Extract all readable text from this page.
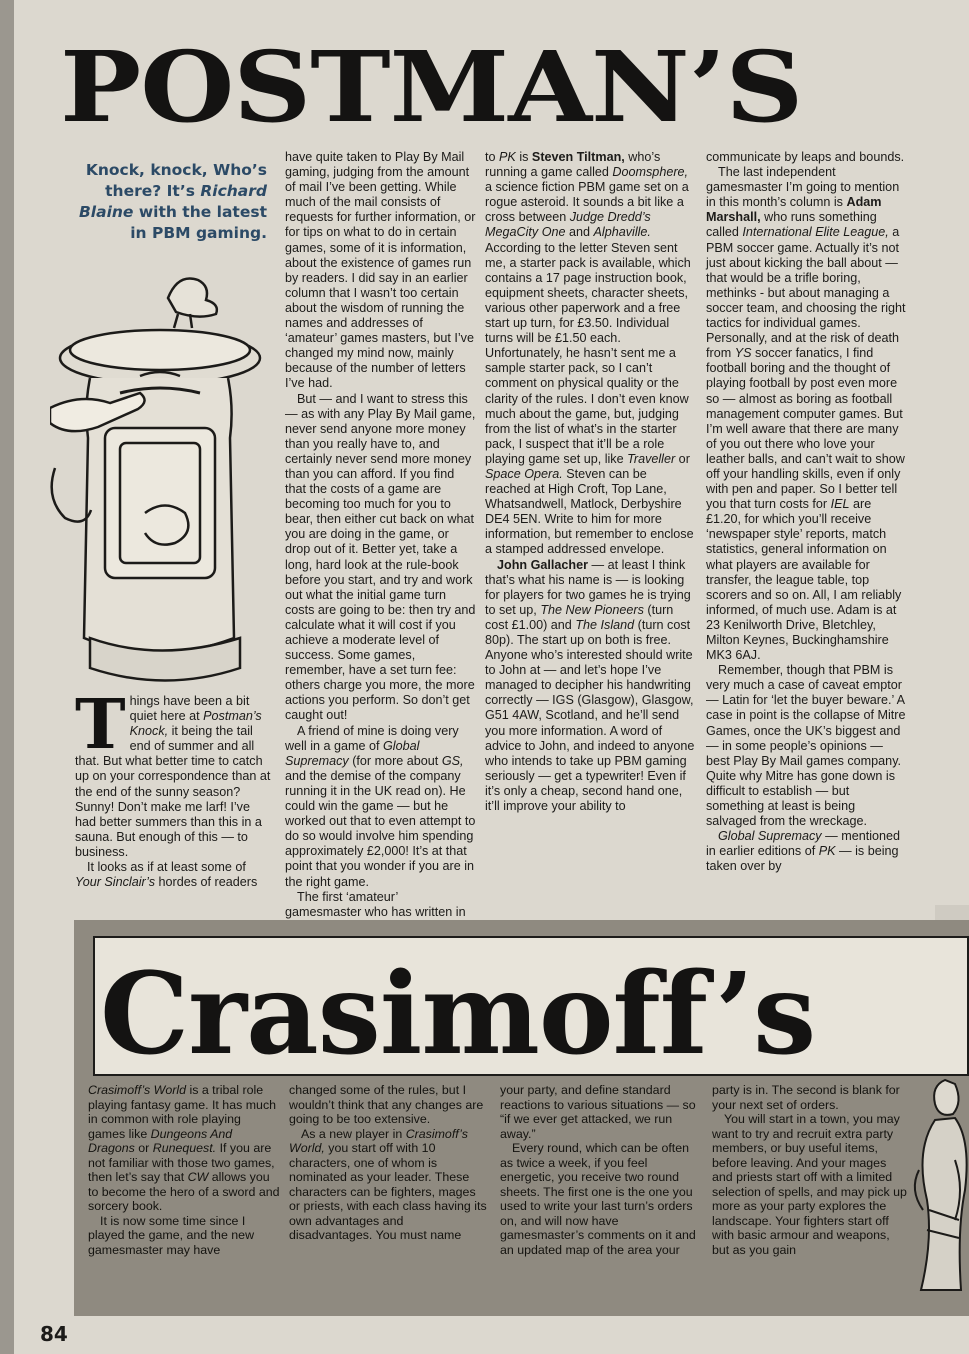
POSTMAN’S
Knock, knock, Who’s there? It’s Richard Blaine with the latest in PBM gaming.

Things have been a bit quiet here at Postman’s Knock, it being the tail end of summer and all that. But what better time to catch up on your correspondence than at the end of the sunny season? Sunny! Don’t make me larf! I’ve had better summers than this in a sauna. But enough of this — to business.

It looks as if at least some of Your Sinclair’s hordes of readers

have quite taken to Play By Mail gaming, judging from the amount of mail I’ve been getting. While much of the mail consists of requests for further information, or for tips on what to do in certain games, some of it is information, about the existence of games run by readers. I did say in an earlier column that I wasn’t too certain about the wisdom of running the names and addresses of ‘amateur’ games masters, but I’ve changed my mind now, mainly because of the number of letters I’ve had.

But — and I want to stress this — as with any Play By Mail game, never send anyone more money than you really have to, and certainly never send more money than you can afford. If you find that the costs of a game are becoming too much for you to bear, then either cut back on what you are doing in the game, or drop out of it. Better yet, take a long, hard look at the rule-book before you start, and try and work out what the initial game turn costs are going to be: then try and calculate what it will cost if you achieve a moderate level of success. Some games, remember, have a set turn fee: others charge you more, the more actions you perform. So don’t get caught out!

A friend of mine is doing very well in a game of Global Supremacy (for more about GS, and the demise of the company running it in the UK read on). He could win the game — but he worked out that to even attempt to do so would involve him spending approximately £2,000! It’s at that point that you wonder if you are in the right game.

The first ‘amateur’ gamesmaster who has written in

to PK is Steven Tiltman, who’s running a game called Doomsphere, a science fiction PBM game set on a rogue asteroid. It sounds a bit like a cross between Judge Dredd’s MegaCity One and Alphaville. According to the letter Steven sent me, a starter pack is available, which contains a 17 page instruction book, equipment sheets, character sheets, various other paperwork and a free start up turn, for £3.50. Individual turns will be £1.50 each. Unfortunately, he hasn’t sent me a sample starter pack, so I can’t comment on physical quality or the clarity of the rules. I don’t even know much about the game, but, judging from the list of what’s in the starter pack, I suspect that it’ll be a role playing game set up, like Traveller or Space Opera. Steven can be reached at High Croft, Top Lane, Whatsandwell, Matlock, Derbyshire DE4 5EN. Write to him for more information, but remember to enclose a stamped addressed envelope.

John Gallacher — at least I think that’s what his name is — is looking for players for two games he is trying to set up, The New Pioneers (turn cost £1.00) and The Island (turn cost 80p). The start up on both is free. Anyone who’s interested should write to John at — and let’s hope I’ve managed to decipher his handwriting correctly — IGS (Glasgow), Glasgow, G51 4AW, Scotland, and he’ll send you more information. A word of advice to John, and indeed to anyone who intends to take up PBM gaming seriously — get a typewriter! Even if it’s only a cheap, second hand one, it’ll improve your ability to

communicate by leaps and bounds.

The last independent gamesmaster I’m going to mention in this month’s column is Adam Marshall, who runs something called International Elite League, a PBM soccer game. Actually it’s not just about kicking the ball about — that would be a trifle boring, methinks - but about managing a soccer team, and choosing the right tactics for individual games. Personally, and at the risk of death from YS soccer fanatics, I find football boring and the thought of playing football by post even more so — almost as boring as football management computer games. But I’m well aware that there are many of you out there who love your leather balls, and can’t wait to show off your handling skills, even if only with pen and paper. So I better tell you that turn costs for IEL are £1.20, for which you’ll receive ‘newspaper style’ reports, match statistics, general information on what players are available for transfer, the league table, top scorers and so on. All, I am reliably informed, of much use. Adam is at 23 Kenilworth Drive, Bletchley, Milton Keynes, Buckinghamshire MK3 6AJ.

Remember, though that PBM is very much a case of caveat emptor — Latin for ‘let the buyer beware.’ A case in point is the collapse of Mitre Games, once the UK’s biggest and — in some people’s opinions — best Play By Mail games company. Quite why Mitre has gone down is difficult to establish — but something at least is being salvaged from the wreckage.

Global Supremacy — mentioned in earlier editions of PK — is being taken over by

Crasimoff’s

Crasimoff’s World is a tribal role playing fantasy game. It has much in common with role playing games like Dungeons And Dragons or Runequest. If you are not familiar with those two games, then let’s say that CW allows you to become the hero of a sword and sorcery book.

It is now some time since I played the game, and the new gamesmaster may have

changed some of the rules, but I wouldn’t think that any changes are going to be too extensive.

As a new player in Crasimoff’s World, you start off with 10 characters, one of whom is nominated as your leader. These characters can be fighters, mages or priests, with each class having its own advantages and disadvantages. You must name

your party, and define standard reactions to various situations — so “if we ever get attacked, we run away.”

Every round, which can be often as twice a week, if you feel energetic, you receive two round sheets. The first one is the one you used to write your last turn’s orders on, and will now have gamesmaster’s comments on it and an updated map of the area your

party is in. The second is blank for your next set of orders.

You will start in a town, you may want to try and recruit extra party members, or buy useful items, before leaving. And your mages and priests start off with a limited selection of spells, and may pick up more as your party explores the landscape. Your fighters start off with basic armour and weapons, but as you gain

84
